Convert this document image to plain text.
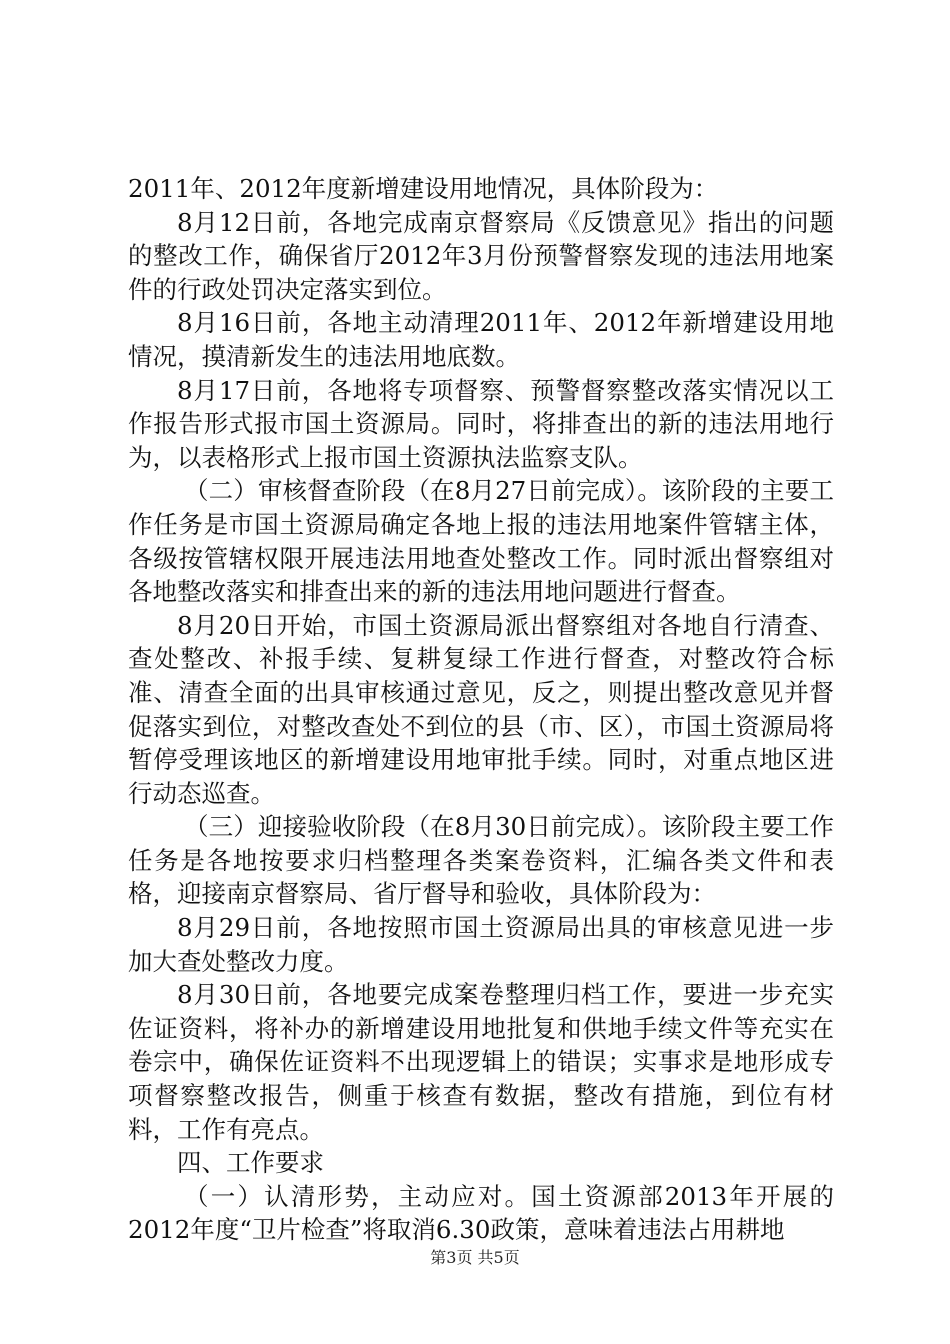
2011年、2012年度新增建设用地情况，具体阶段为：

8月12日前，各地完成南京督察局《反馈意见》指出的问题的整改工作，确保省厅2012年3月份预警督察发现的违法用地案件的行政处罚决定落实到位。

8月16日前，各地主动清理2011年、2012年新增建设用地情况，摸清新发生的违法用地底数。

8月17日前，各地将专项督察、预警督察整改落实情况以工作报告形式报市国土资源局。同时，将排查出的新的违法用地行为，以表格形式上报市国土资源执法监察支队。

（二）审核督查阶段（在8月27日前完成）。该阶段的主要工作任务是市国土资源局确定各地上报的违法用地案件管辖主体，各级按管辖权限开展违法用地查处整改工作。同时派出督察组对各地整改落实和排查出来的新的违法用地问题进行督查。

8月20日开始，市国土资源局派出督察组对各地自行清查、查处整改、补报手续、复耕复绿工作进行督查，对整改符合标准、清查全面的出具审核通过意见，反之，则提出整改意见并督促落实到位，对整改查处不到位的县（市、区），市国土资源局将暂停受理该地区的新增建设用地审批手续。同时，对重点地区进行动态巡查。

（三）迎接验收阶段（在8月30日前完成）。该阶段主要工作任务是各地按要求归档整理各类案卷资料，汇编各类文件和表格，迎接南京督察局、省厅督导和验收，具体阶段为：

8月29日前，各地按照市国土资源局出具的审核意见进一步加大查处整改力度。

8月30日前，各地要完成案卷整理归档工作，要进一步充实佐证资料，将补办的新增建设用地批复和供地手续文件等充实在卷宗中，确保佐证资料不出现逻辑上的错误；实事求是地形成专项督察整改报告，侧重于核查有数据，整改有措施，到位有材料，工作有亮点。

四、工作要求

（一）认清形势，主动应对。国土资源部2013年开展的2012年度“卫片检查”将取消6.30政策，意味着违法占用耕地

第3页 共5页
